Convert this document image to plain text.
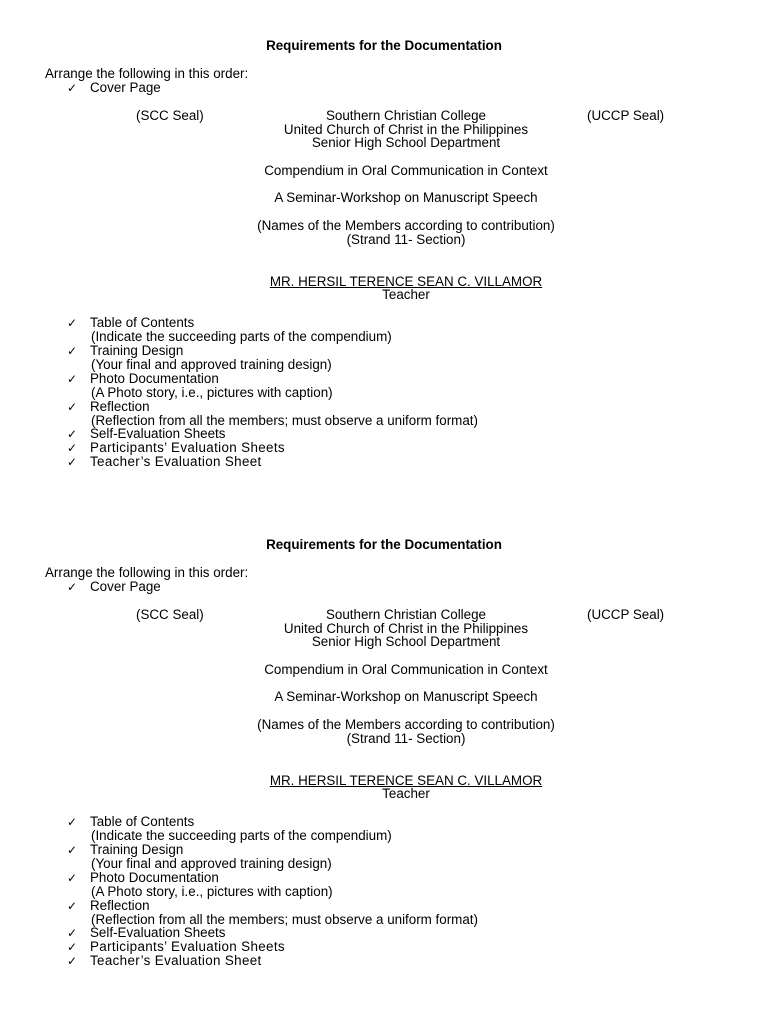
Requirements for the Documentation
Arrange the following in this order:
✓ Cover Page
(SCC Seal)	(UCCP Seal)
Southern Christian College
United Church of Christ in the Philippines
Senior High School Department
Compendium in Oral Communication in Context
A Seminar-Workshop on Manuscript Speech
(Names of the Members according to contribution)
(Strand 11- Section)
MR. HERSIL TERENCE SEAN C. VILLAMOR
Teacher
✓ Table of Contents
(Indicate the succeeding parts of the compendium)
✓ Training Design
(Your final and approved training design)
✓ Photo Documentation
(A Photo story, i.e., pictures with caption)
✓ Reflection
(Reflection from all the members; must observe a uniform format)
✓ Self-Evaluation Sheets
✓ Participants’ Evaluation Sheets
✓ Teacher’s Evaluation Sheet
Requirements for the Documentation
Arrange the following in this order:
✓ Cover Page
(SCC Seal)	(UCCP Seal)
Southern Christian College
United Church of Christ in the Philippines
Senior High School Department
Compendium in Oral Communication in Context
A Seminar-Workshop on Manuscript Speech
(Names of the Members according to contribution)
(Strand 11- Section)
MR. HERSIL TERENCE SEAN C. VILLAMOR
Teacher
✓ Table of Contents
(Indicate the succeeding parts of the compendium)
✓ Training Design
(Your final and approved training design)
✓ Photo Documentation
(A Photo story, i.e., pictures with caption)
✓ Reflection
(Reflection from all the members; must observe a uniform format)
✓ Self-Evaluation Sheets
✓ Participants’ Evaluation Sheets
✓ Teacher’s Evaluation Sheet
